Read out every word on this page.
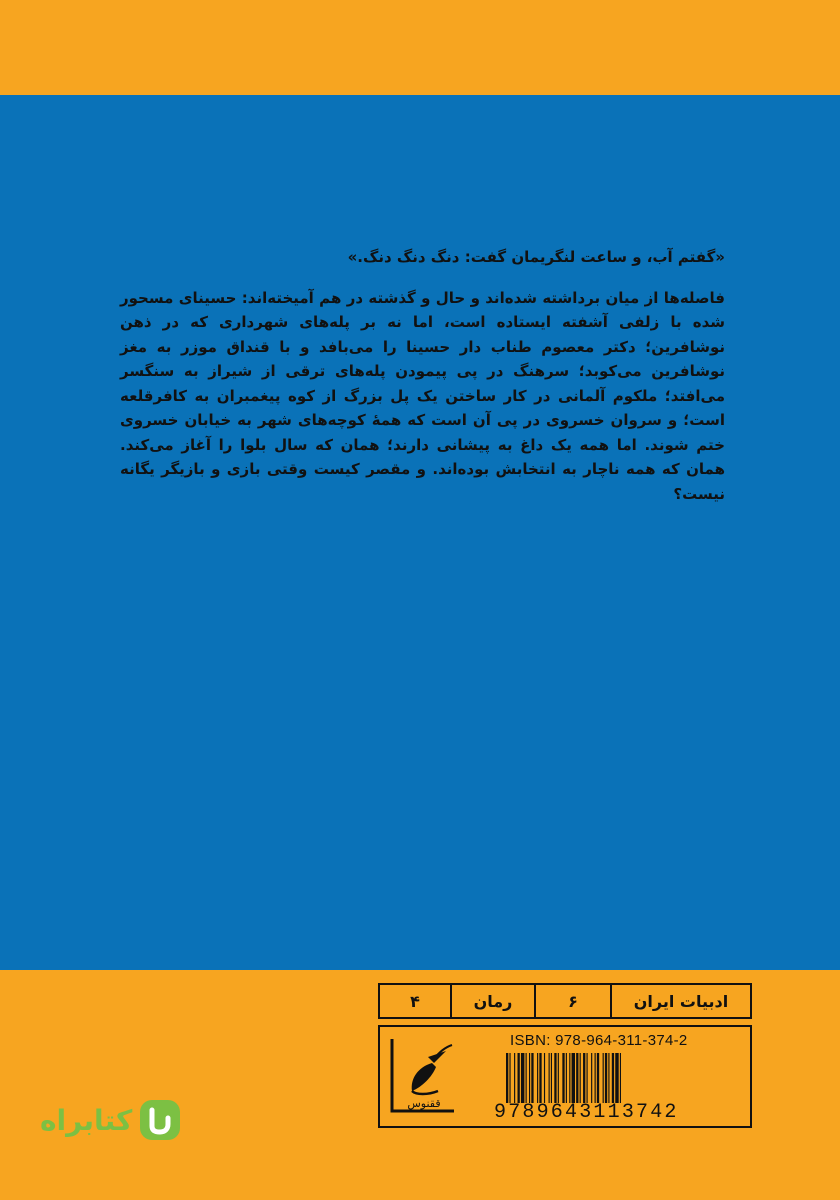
«گفتم آب، و ساعت لنگریمان گفت: دنگ دنگ دنگ.»

فاصله‌ها از میان برداشته شده‌اند و حال و گذشته در هم آمیخته‌اند: حسینای مسحور شده با زلفی آشفته ایستاده است، اما نه بر پله‌های شهرداری که در ذهن نوشافرین؛ دکتر معصوم طناب دار حسینا را می‌بافد و با قنداق موزر به مغز نوشافرین می‌کوبد؛ سرهنگ در پی پیمودن پله‌های ترقی از شیراز به سنگسر می‌افتد؛ ملکوم آلمانی در کار ساختن یک پل بزرگ از کوه پیغمبران به کافرقلعه است؛ و سروان خسروی در پی آن است که همهٔ کوچه‌های شهر به خیابان خسروی ختم شوند. اما همه یک داغ به پیشانی دارند؛ همان که سال بلوا را آغاز می‌کند. همان که همه ناچار به انتخابش بوده‌اند. و مقصر کیست وقتی بازی و بازیگر یگانه نیست؟

ادبیات ایران
۶
رمان
۴
ققنوس
ISBN: 978-964-311-374-2
9789643113742
کتابراه
